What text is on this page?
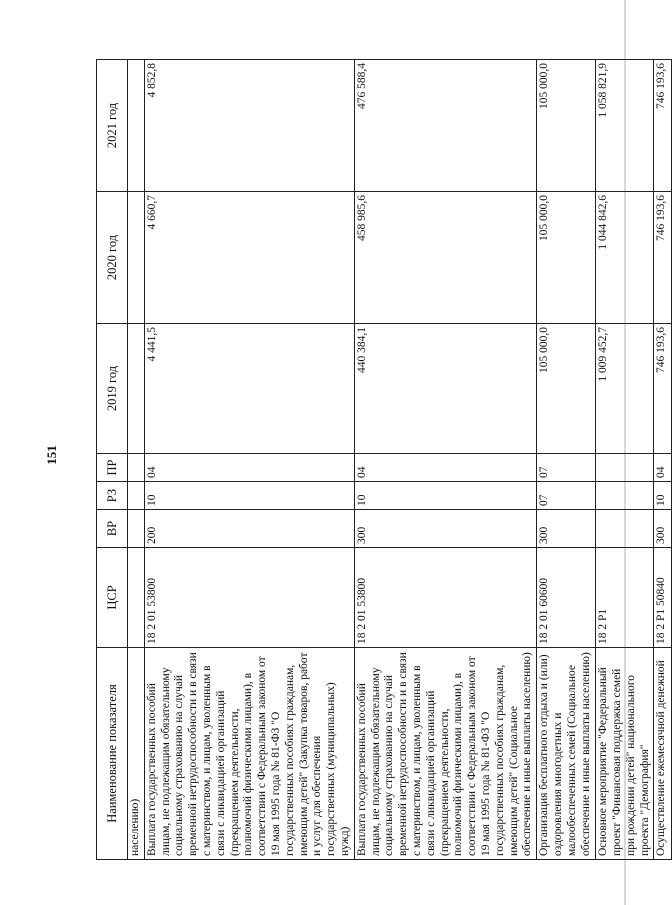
151
Наименование показателя	ЦСР	ВР	РЗ	ПР	2019 год	2020 год	2021 год
населению)							
Выплата государственных пособий лицам, не подлежащим обязательному социальному страхованию на случай временной нетрудоспособности и в связи с материнством, и лицам, уволенным в связи с ликвидацией организаций (прекращением деятельности, полномочий физическими лицами), в соответствии с Федеральным законом от 19 мая 1995 года № 81-ФЗ "О государственных пособиях гражданам, имеющим детей" (Закупка товаров, работ и услуг для обеспечения государственных (муниципальных) нужд)	18 2 01 53800	200	10	04	4 441,5	4 660,7	4 852,8
Выплата государственных пособий лицам, не подлежащим обязательному социальному страхованию на случай временной нетрудоспособности и в связи с материнством, и лицам, уволенным в связи с ликвидацией организаций (прекращением деятельности, полномочий физическими лицами), в соответствии с Федеральным законом от 19 мая 1995 года № 81-ФЗ "О государственных пособиях гражданам, имеющим детей" (Социальное обеспечение и иные выплаты населению)	18 2 01 53800	300	10	04	440 384,1	458 985,6	476 588,4
Организация бесплатного отдыха и (или) оздоровления многодетных и малообеспеченных семей (Социальное обеспечение и иные выплаты населению)	18 2 01 60600	300	07	07	105 000,0	105 000,0	105 000,0
Основное мероприятие "Федеральный проект "Финансовая поддержка семей при рождении детей" национального проекта "Демография"	18 2 P1				1 009 452,7	1 044 842,6	1 058 821,9
Осуществление ежемесячной денежной	18 2 P1 50840	300	10	04	746 193,6	746 193,6	746 193,6
